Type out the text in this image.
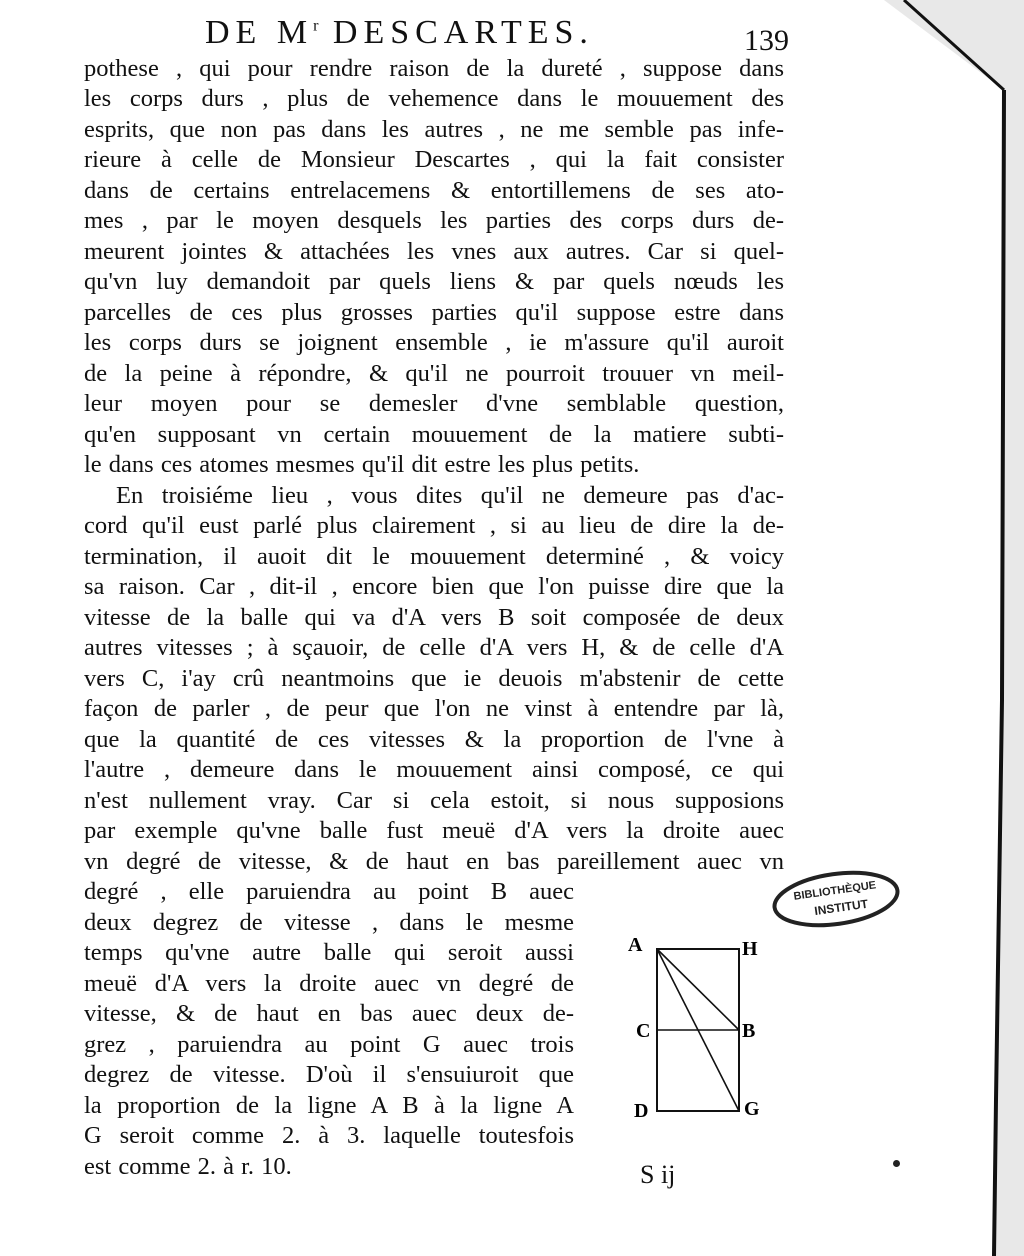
DE $M^r$ DESCARTES.	139
pothese , qui pour rendre raison de la dureté , suppose dans
les corps durs , plus de vehemence dans le mouuement des
esprits, que non pas dans les autres , ne me semble pas infe-
rieure à celle de Monsieur Descartes , qui la fait consister
dans de certains entrelacemens & entortillemens de ses ato-
mes , par le moyen desquels les parties des corps durs de-
meurent jointes & attachées les vnes aux autres. Car si quel-
qu'vn luy demandoit par quels liens & par quels nœuds les
parcelles de ces plus grosses parties qu'il suppose estre dans
les corps durs se joignent ensemble , ie m'assure qu'il auroit
de la peine à répondre, & qu'il ne pourroit trouuer vn meil-
leur moyen pour se demesler d'vne semblable question,
qu'en supposant vn certain mouuement de la matiere subti-
le dans ces atomes mesmes qu'il dit estre les plus petits.
En troisiéme lieu , vous dites qu'il ne demeure pas d'ac-
cord qu'il eust parlé plus clairement , si au lieu de dire la de-
termination, il auoit dit le mouuement determiné , & voicy
sa raison. Car , dit-il , encore bien que l'on puisse dire que la
vitesse de la balle qui va d'A vers B soit composée de deux
autres vitesses ; à sçauoir, de celle d'A vers H, & de celle d'A
vers C, i'ay crû neantmoins que ie deuois m'abstenir de cette
façon de parler , de peur que l'on ne vinst à entendre par là,
que la quantité de ces vitesses & la proportion de l'vne à
l'autre , demeure dans le mouuement ainsi composé, ce qui
n'est nullement vray. Car si cela estoit, si nous supposions
par exemple qu'vne balle fust meuë d'A vers la droite auec
vn degré de vitesse, & de haut en bas pareillement auec vn
degré , elle paruiendra au point B auec
deux degrez de vitesse , dans le mesme
temps qu'vne autre balle qui seroit aussi
meuë d'A vers la droite auec vn degré de
vitesse, & de haut en bas auec deux de-
grez , paruiendra au point G auec trois
degrez de vitesse. D'où il s'ensuiuroit que
la proportion de la ligne A B à la ligne A
G seroit comme 2. à 3. laquelle toutesfois
est comme 2. à r. 10.
BIBLIOTHÈQUE
INSTITUT
A	H
C	B
D	G
S ij
